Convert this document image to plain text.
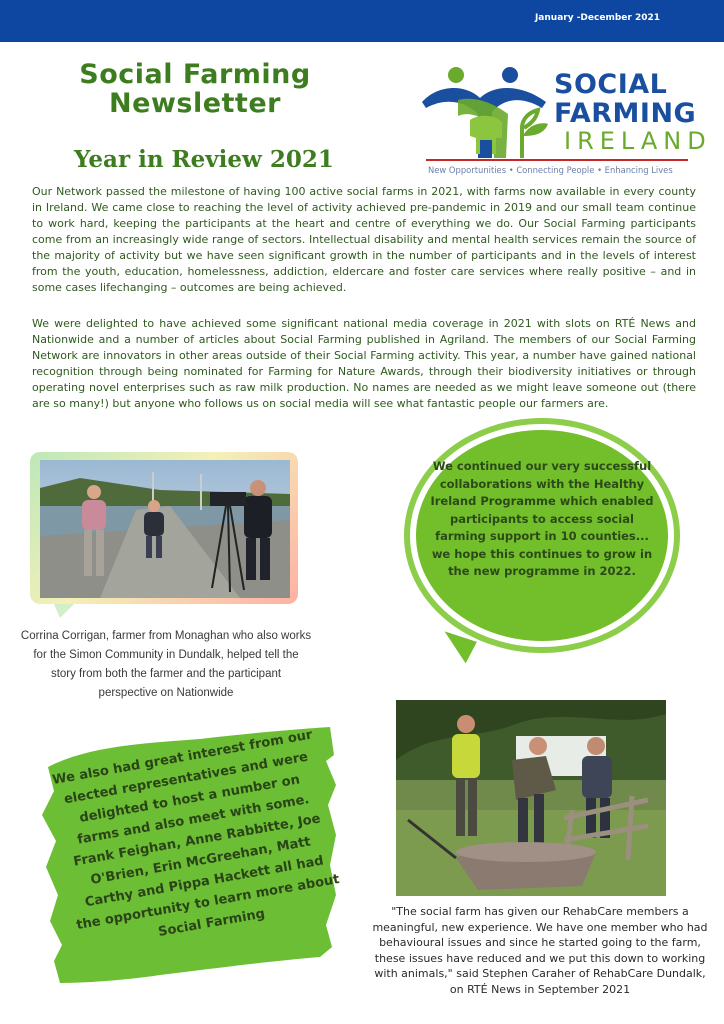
January -December 2021
Social Farming
Newsletter
Year in Review 2021
SOCIAL
FARMING
IRELAND
New Opportunities • Connecting People • Enhancing Lives

Our Network passed the milestone of having 100 active social farms in 2021, with farms now available in every county in Ireland. We came close to reaching the level of activity achieved pre-pandemic in 2019 and our small team continue to work hard, keeping the participants at the heart and centre of everything we do. Our Social Farming participants come from an increasingly wide range of sectors. Intellectual disability and mental health services remain the source of the majority of activity but we have seen significant growth in the number of participants and in the levels of interest from the youth, education, homelessness, addiction, eldercare and foster care services where really positive – and in some cases lifechanging – outcomes are being achieved.

We were delighted to have achieved some significant national media coverage in 2021 with slots on RTÉ News and Nationwide and a number of articles about Social Farming published in Agriland. The members of our Social Farming Network are innovators in other areas outside of their Social Farming activity. This year, a number have gained national recognition through being nominated for Farming for Nature Awards, through their biodiversity initiatives or through operating novel enterprises such as raw milk production. No names are needed as we might leave someone out (there are so many!) but anyone who follows us on social media will see what fantastic people our farmers are.

Corrina Corrigan, farmer from Monaghan who also works for the Simon Community in Dundalk, helped tell the story from both the farmer and the participant perspective on Nationwide

We continued our very successful collaborations with the Healthy Ireland Programme which enabled participants to access social farming support in 10 counties... we hope this continues to grow in the new programme in 2022.

We also had great interest from our elected representatives and were delighted to host a number on farms and also meet with some. Frank Feighan, Anne Rabbitte, Joe O'Brien, Erin McGreehan, Matt Carthy and Pippa Hackett all had the opportunity to learn more about Social Farming	"The social farm has given our RehabCare members a meaningful, new experience. We have one member who had behavioural issues and since he started going to the farm, these issues have reduced and we put this down to working with animals," said Stephen Caraher of RehabCare Dundalk, on RTÉ News in September 2021
